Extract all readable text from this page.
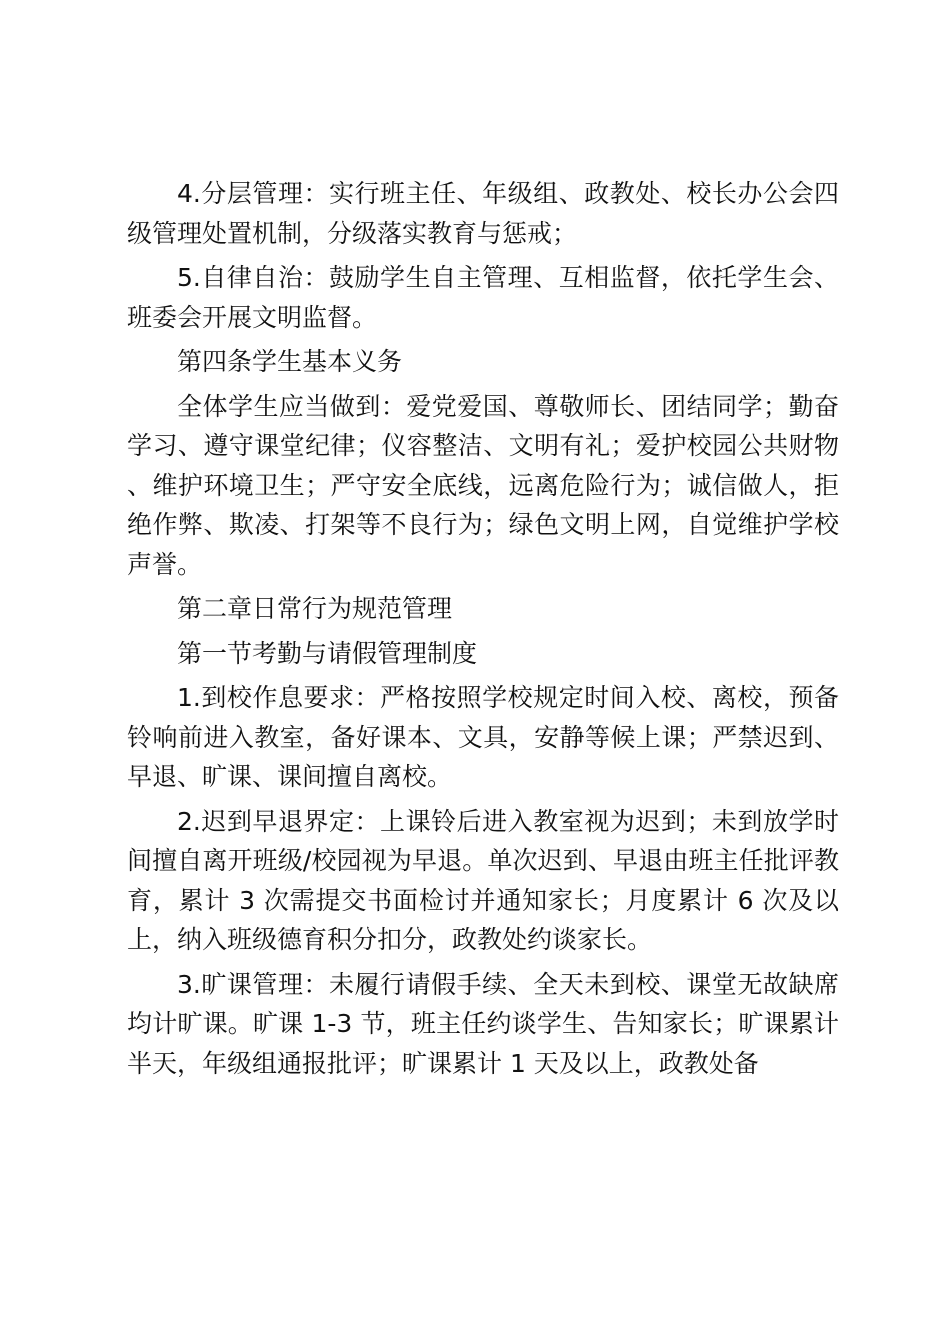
4.分层管理：实行班主任、年级组、政教处、校长办公会四级管理处置机制，分级落实教育与惩戒；

5.自律自治：鼓励学生自主管理、互相监督，依托学生会、班委会开展文明监督。

第四条学生基本义务

全体学生应当做到：爱党爱国、尊敬师长、团结同学；勤奋学习、遵守课堂纪律；仪容整洁、文明有礼；爱护校园公共财物、维护环境卫生；严守安全底线，远离危险行为；诚信做人，拒绝作弊、欺凌、打架等不良行为；绿色文明上网，自觉维护学校声誉。

第二章日常行为规范管理

第一节考勤与请假管理制度

1.到校作息要求：严格按照学校规定时间入校、离校，预备铃响前进入教室，备好课本、文具，安静等候上课；严禁迟到、早退、旷课、课间擅自离校。

2.迟到早退界定：上课铃后进入教室视为迟到；未到放学时间擅自离开班级/校园视为早退。单次迟到、早退由班主任批评教育，累计 3 次需提交书面检讨并通知家长；月度累计 6 次及以上，纳入班级德育积分扣分，政教处约谈家长。

3.旷课管理：未履行请假手续、全天未到校、课堂无故缺席均计旷课。旷课 1-3 节，班主任约谈学生、告知家长；旷课累计半天，年级组通报批评；旷课累计 1 天及以上，政教处备
